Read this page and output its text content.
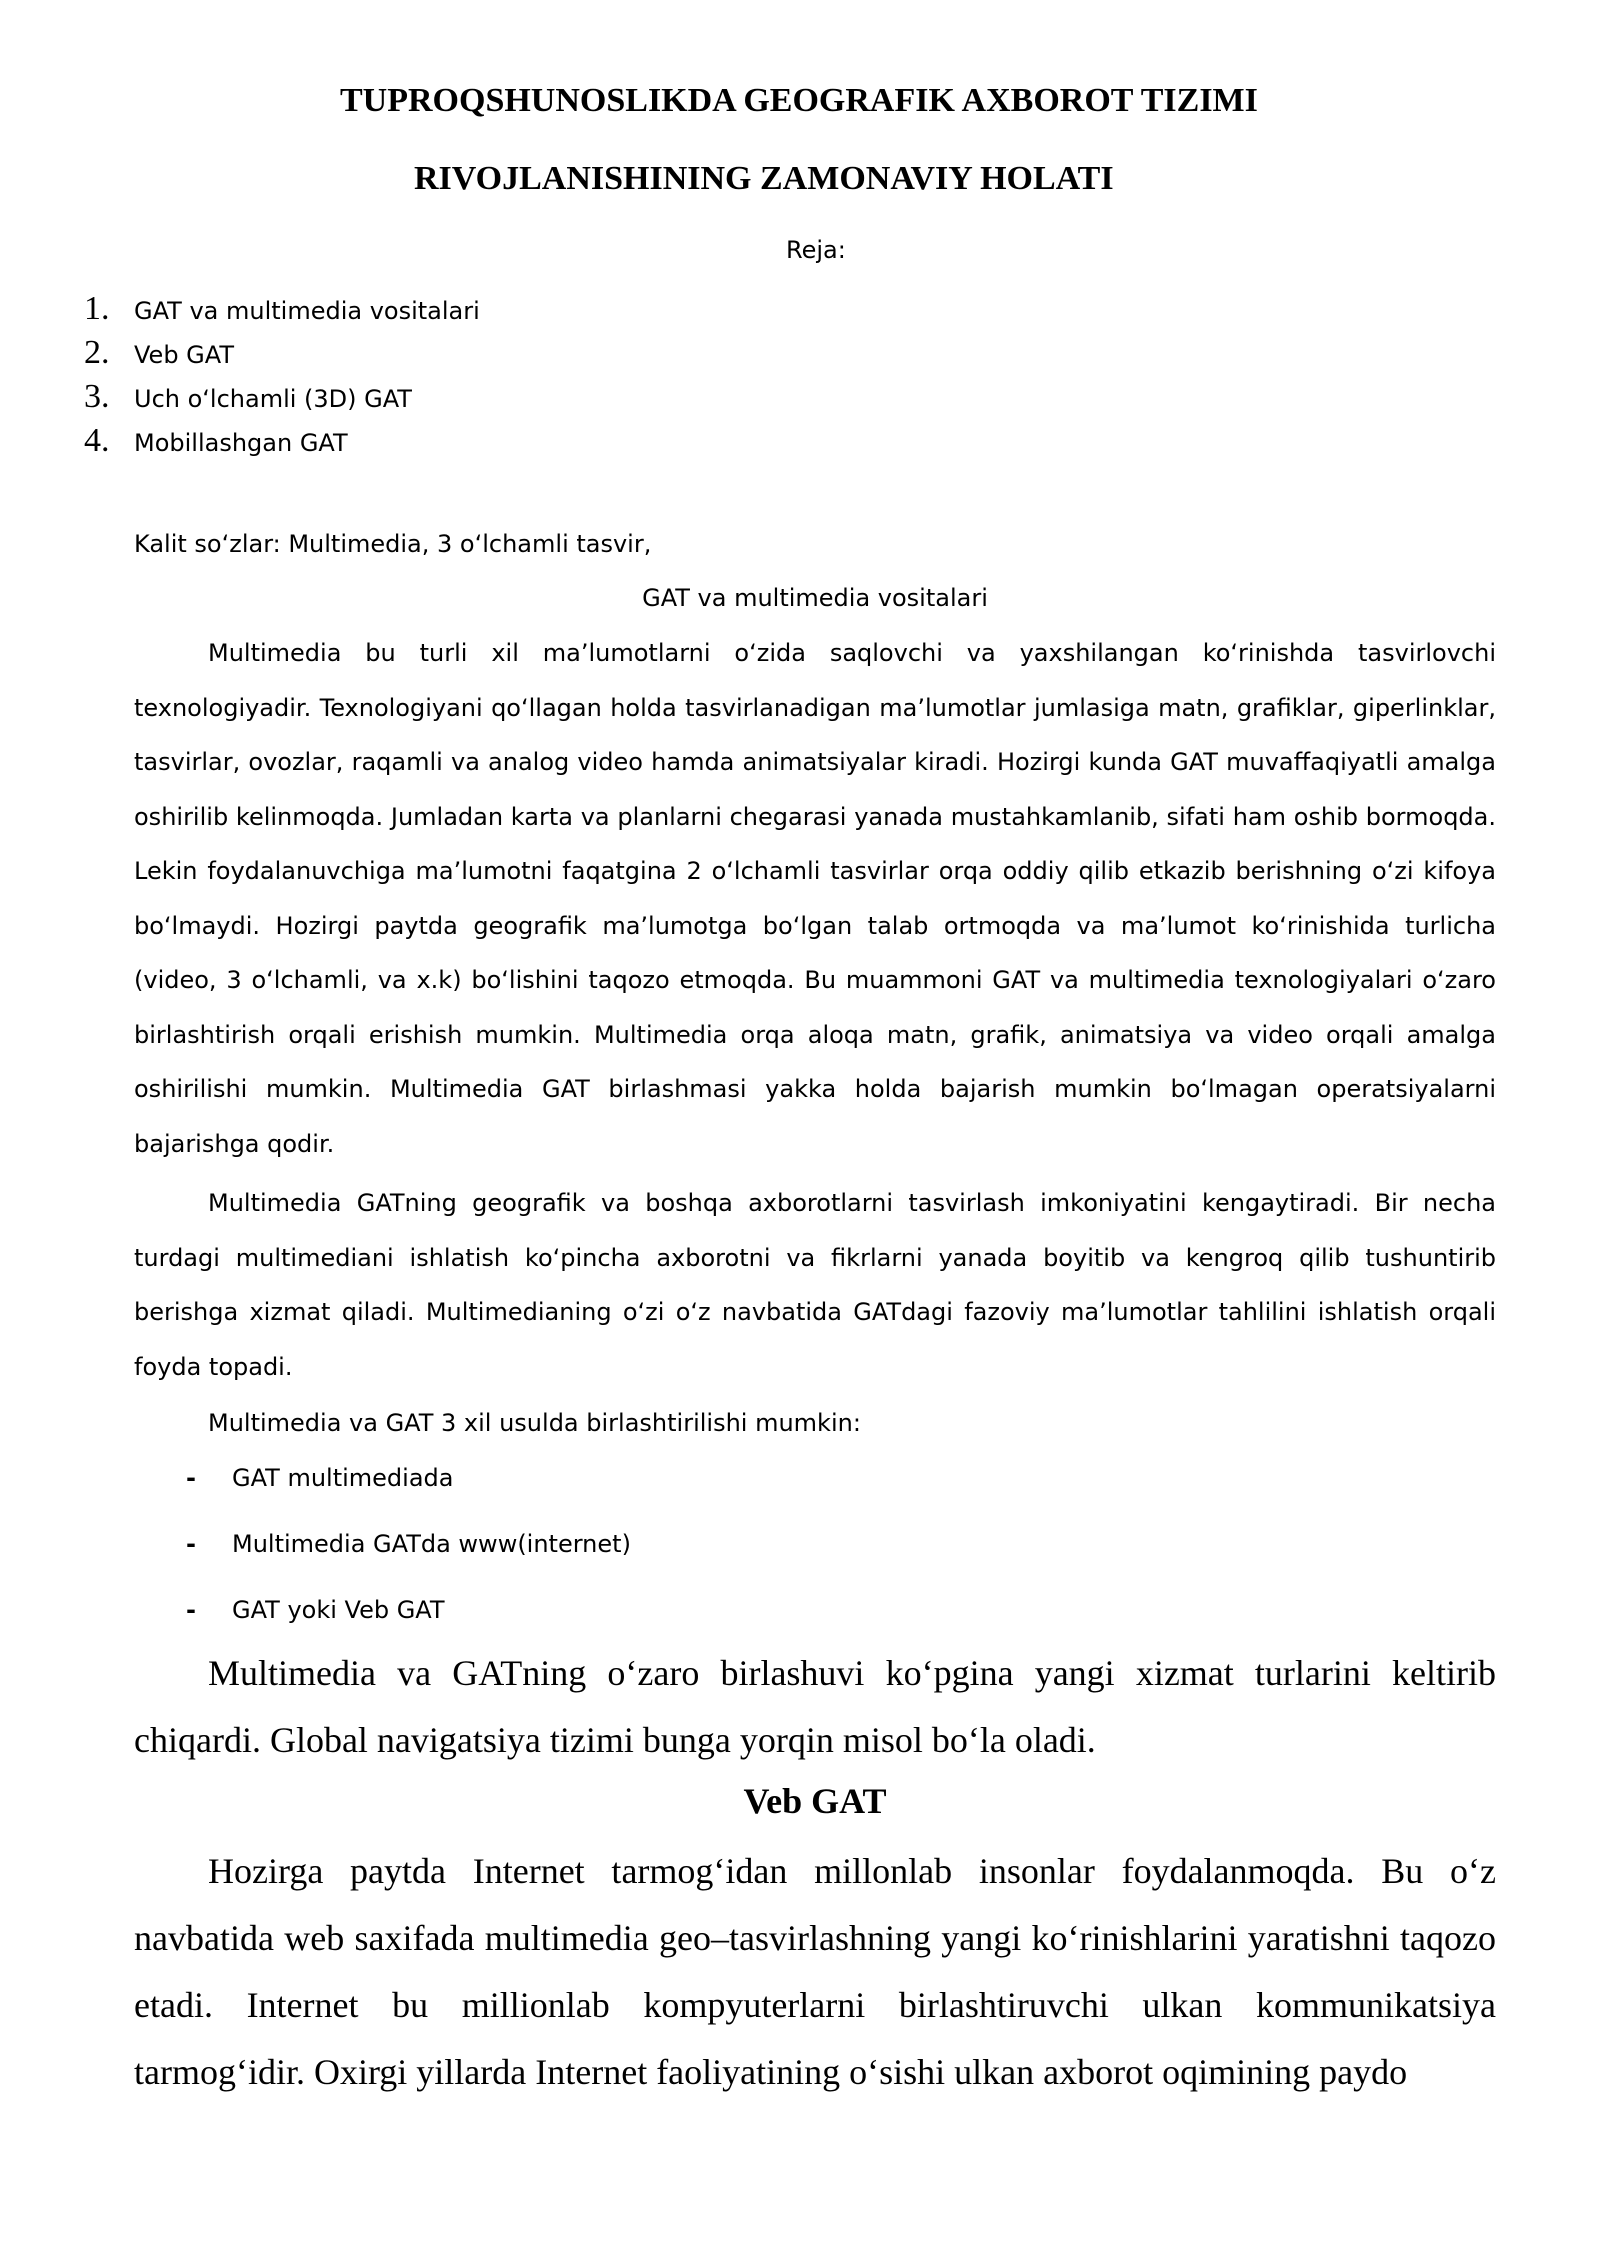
TUPROQSHUNOSLIKDA GEOGRAFIK AXBOROT TIZIMI
RIVOJLANISHINING ZAMONAVIY HOLATI
Reja:
1.	GAT va multimedia vositalari
2.	Veb GAT
3.	Uch o‘lchamli (3D) GAT
4.	Mobillashgan GAT
Kalit so‘zlar: Multimedia, 3 o‘lchamli tasvir,
GAT va multimedia vositalari

Multimedia bu turli xil ma’lumotlarni o‘zida saqlovchi va yaxshilangan ko‘rinishda tasvirlovchi texnologiyadir. Texnologiyani qo‘llagan holda tasvirlanadigan ma’lumotlar jumlasiga matn, grafiklar, giperlinklar, tasvirlar, ovozlar, raqamli va analog video hamda animatsiyalar kiradi. Hozirgi kunda GAT muvaffaqiyatli amalga oshirilib kelinmoqda. Jumladan karta va planlarni chegarasi yanada mustahkamlanib, sifati ham oshib bormoqda. Lekin foydalanuvchiga ma’lumotni faqatgina 2 o‘lchamli tasvirlar orqa oddiy qilib etkazib berishning o‘zi kifoya bo‘lmaydi. Hozirgi paytda geografik ma’lumotga bo‘lgan talab ortmoqda va ma’lumot ko‘rinishida turlicha (video, 3 o‘lchamli, va x.k) bo‘lishini taqozo etmoqda. Bu muammoni GAT va multimedia texnologiyalari o‘zaro birlashtirish orqali erishish mumkin. Multimedia orqa aloqa matn, grafik, animatsiya va video orqali amalga oshirilishi mumkin. Multimedia GAT birlashmasi yakka holda bajarish mumkin bo‘lmagan operatsiyalarni bajarishga qodir.

Multimedia GATning geografik va boshqa axborotlarni tasvirlash imkoniyatini kengaytiradi. Bir necha turdagi multimediani ishlatish ko‘pincha axborotni va fikrlarni yanada boyitib va kengroq qilib tushuntirib berishga xizmat qiladi. Multimedianing o‘zi o‘z navbatida GATdagi fazoviy ma’lumotlar tahlilini ishlatish orqali foyda topadi.

Multimedia va GAT 3 xil usulda birlashtirilishi mumkin:

-	GAT multimediada
-	Multimedia GATda www(internet)
-	GAT yoki Veb GAT

Multimedia va GATning o‘zaro birlashuvi ko‘pgina yangi xizmat turlarini keltirib chiqardi. Global navigatsiya tizimi bunga yorqin misol bo‘la oladi.

Veb GAT

Hozirga paytda Internet tarmog‘idan millonlab insonlar foydalanmoqda. Bu o‘z navbatida web saxifada multimedia geo–tasvirlashning yangi ko‘rinishlarini yaratishni taqozo etadi. Internet bu millionlab kompyuterlarni birlashtiruvchi ulkan kommunikatsiya tarmog‘idir. Oxirgi yillarda Internet faoliyatining o‘sishi ulkan axborot oqimining paydo
